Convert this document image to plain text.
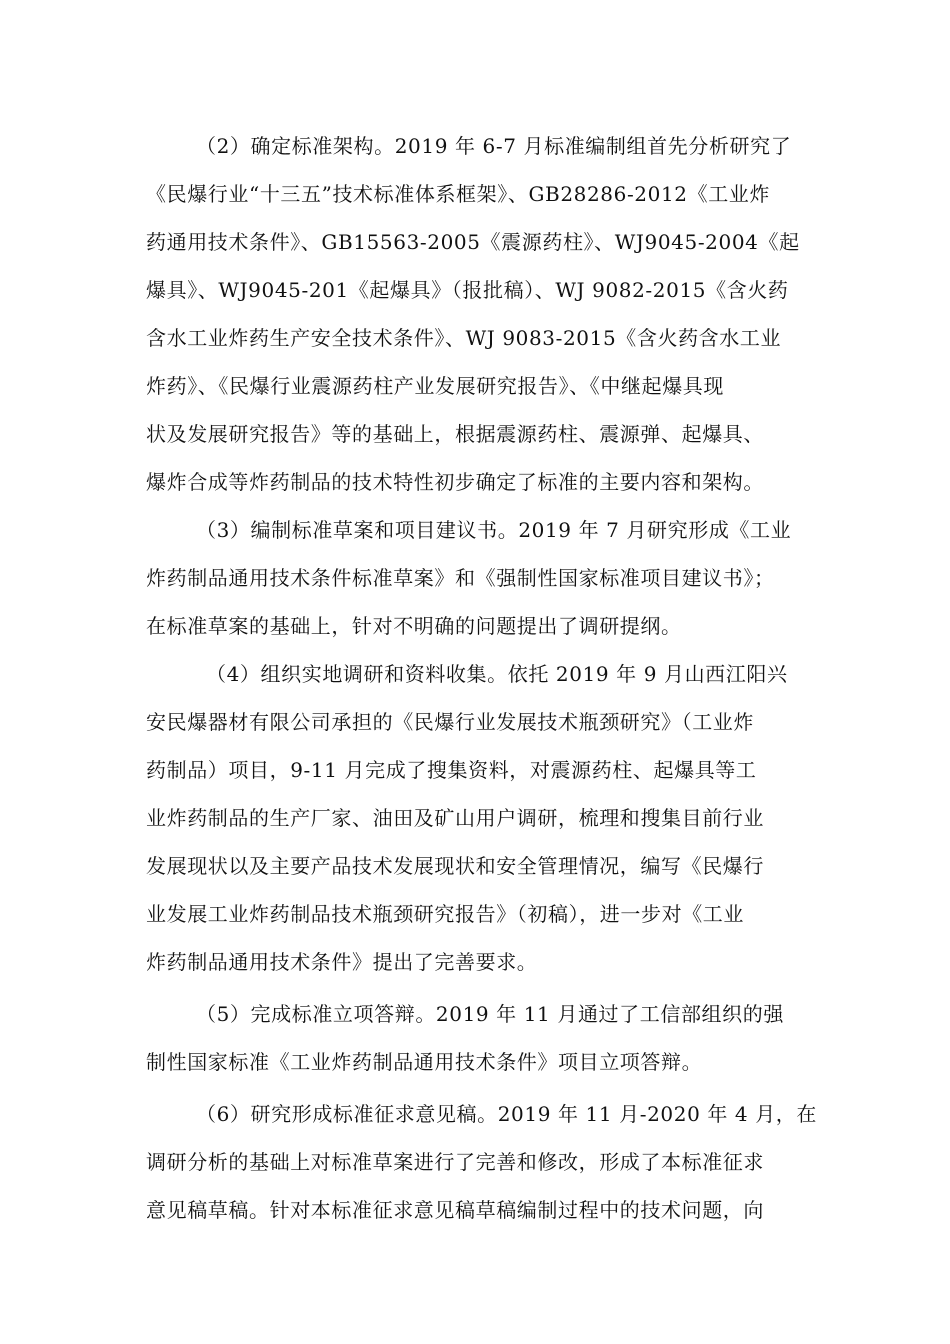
（2）确定标准架构。2019 年 6-7 月标准编制组首先分析研究了
《民爆行业“十三五”技术标准体系框架》、GB28286-2012《工业炸
药通用技术条件》、GB15563-2005《震源药柱》、WJ9045-2004《起
爆具》、WJ9045-201《起爆具》（报批稿）、WJ 9082-2015《含火药
含水工业炸药生产安全技术条件》、WJ 9083-2015《含火药含水工业
炸药》、《民爆行业震源药柱产业发展研究报告》、《中继起爆具现
状及发展研究报告》等的基础上，根据震源药柱、震源弹、起爆具、
爆炸合成等炸药制品的技术特性初步确定了标准的主要内容和架构。
（3）编制标准草案和项目建议书。2019 年 7 月研究形成《工业
炸药制品通用技术条件标准草案》和《强制性国家标准项目建议书》；
在标准草案的基础上，针对不明确的问题提出了调研提纲。
（4）组织实地调研和资料收集。依托 2019 年 9 月山西江阳兴
安民爆器材有限公司承担的《民爆行业发展技术瓶颈研究》（工业炸
药制品）项目，9-11 月完成了搜集资料，对震源药柱、起爆具等工
业炸药制品的生产厂家、油田及矿山用户调研，梳理和搜集目前行业
发展现状以及主要产品技术发展现状和安全管理情况，编写《民爆行
业发展工业炸药制品技术瓶颈研究报告》（初稿），进一步对《工业
炸药制品通用技术条件》提出了完善要求。
（5）完成标准立项答辩。2019 年 11 月通过了工信部组织的强
制性国家标准《工业炸药制品通用技术条件》项目立项答辩。
（6）研究形成标准征求意见稿。2019 年 11 月-2020 年 4 月，在
调研分析的基础上对标准草案进行了完善和修改，形成了本标准征求
意见稿草稿。针对本标准征求意见稿草稿编制过程中的技术问题，向
